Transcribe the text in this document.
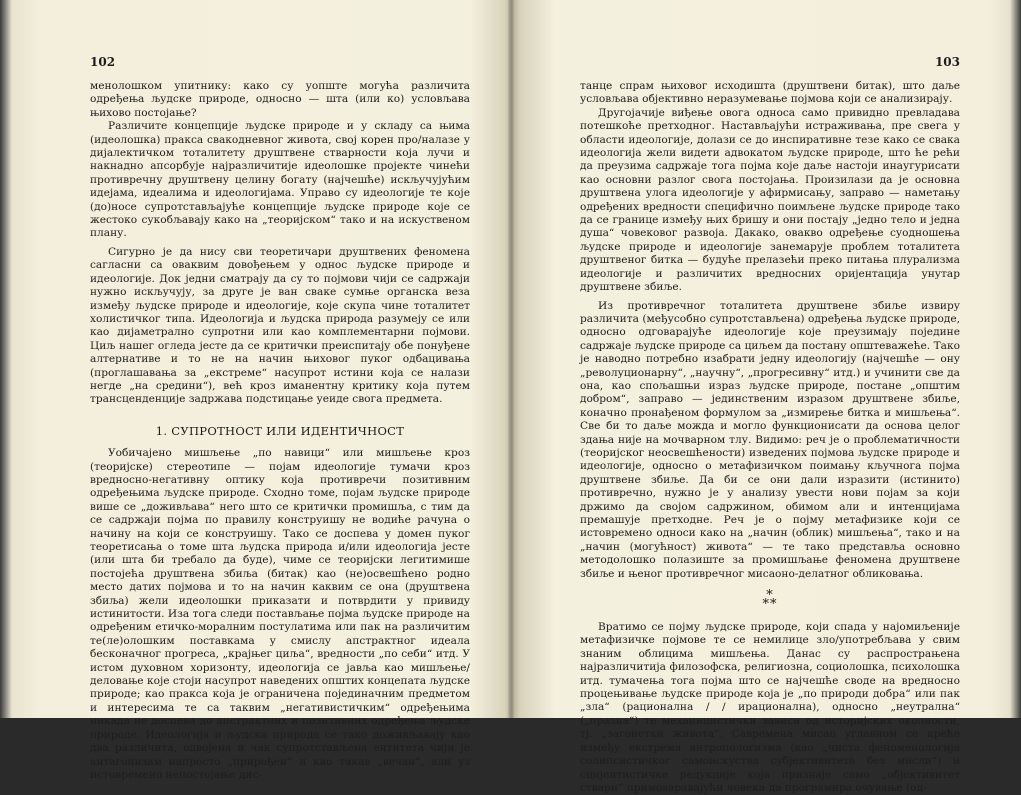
102

менолошком упитнику: како су уопште могућа различита одређења људске природе, односно — шта (или ко) условљава њихово постојање?

Различите концепције људске природе и у складу са њима (идеолошка) пракса свакодневног живота, свој корен про/налазе у дијалектичком тоталитету друштвене стварности која лучи и накнадно апсорбује најразличитије идеолошке пројекте чинећи противречну друштвену целину богату (најчешће) искључујућим идејама, идеалима и идеологијама. Управо су идеологије те које (до)носе супротстављајуће концепције људске природе које се жестоко сукобљавају како на „теоријском“ тако и на искуственом плану.

Сигурно је да нису сви теоретичари друштвених феномена сагласни са оваквим довођењем у однос људске природе и идеологије. Док једни сматрају да су то појмови чији се садржаји нужно искључују, за друге је ван сваке сумње органска веза између људске природе и идеологије, које скупа чине тоталитет холистичког типа. Идеологија и људска природа разумеју се или као дијаметрално супротни или као комплементарни појмови. Циљ нашег огледа јесте да се критички преиспитају обе понуђене алтернативе и то не на начин њиховог пуког одбацивања (проглашавања за „екстреме“ насупрот истини која се налази негде „на средини“), већ кроз иманентну критику која путем трансценденције задржава подстицање уеиде свога предмета.

1. СУПРОТНОСТ ИЛИ ИДЕНТИЧНОСТ

Уобичајено мишљење „по навици“ или мишљење кроз (теоријске) стереотипе — појам идеологије тумачи кроз вредносно-негативну оптику која противречи позитивним одређењима људске природе. Сходно томе, појам људске природе више се „доживљава“ него што се критички промишља, с тим да се садржаји појма по правилу конструишу не водиће рачуна о начину на који се конструишу. Тако се доспева у домен пуког теоретисања о томе шта људска природа и/или идеологија јесте (или шта би требало да буде), чиме се теоријски легитимише постојећа друштвена збиља (битак) као (не)освешћено родно место датих појмова и то на начин каквим се она (друштвена збиља) жели идеолошки приказати и потврдити у привиду истинитости. Иза тога следи постављање појма људске природе на одређеним етичко-моралним постулатима или пак на различитим те(ле)олошким поставкама у смислу апстрактног идеала бесконачног прогреса, „крајњег циља“, вредности „по себи“ итд. У истом духовном хоризонту, идеологија се јавља као мишљење/деловање које стоји насупрот наведених општих концепата људске природе; као пракса која је ограничена појединачним предметом и интересима те са таквим „негативистичким“ одређењима никада не доспева до апстрактних и позитивних одређења људске природе. Идеологија и људска природа се тако доживљавају као два различита, одвојена и чак супротстављена ентитета чији је антагонизам напросто „прирођен“ и као такав „вечан“, али уз истовремено непостојање дис-

103

танце спрам њиховог исходишта (друштвени битак), што даље условљава објективно неразумевање појмова који се анализирају.

Другојачије виђење овога односа само привидно превладава потешкоће претходног. Настављајући истраживања, пре свега у области идеологије, долази се до инспиративне тезе како се свака идеологија жели видети адвокатом људске природе, што ће рећи да преузима садржаје тога појма које даље настоји инаугурисати као основни разлог свога постојања. Произилази да је основна друштвена улога идеологије у афирмисању, заправо — наметању одређених вредности специфично поимљене људске природе тако да се границе између њих бришу и они постају „једно тело и једна душа“ човековог развоја. Дакако, овакво одређење суодношења људске природе и идеологије занемарује проблем тоталитета друштвеног битка — будуће прелазећи преко питања плурализма идеологије и различитих вредносних оријентација унутар друштвене збиље.

Из противречног тоталитета друштвене збиље извиру различита (међусобно супротстављена) одређења људске природе, односно одговарајуће идеологије које преузимају поједине садржаје људске природе са циљем да постану општеважеће. Тако је наводно потребно изабрати једну идеологију (најчешће — ону „револуционарну“, „научну“, „прогресивну“ итд.) и учинити све да она, као спољашњи израз људске природе, постане „општим добром“, заправо — јединственим изразом друштвене збиље, коначно пронађеном формулом за „измирење битка и мишљења“. Све би то даље можда и могло функционисати да основа целог здања није на мочварном тлу. Видимо: реч је о проблематичности (теоријског неосвешћености) изведених појмова људске природе и идеологије, односно о метафизичком поимању кључнога појма друштвене збиље. Да би се они дали изразити (истинито) противречно, нужно је у анализу увести нови појам за који држимо да својом садржином, обимом али и интенцијама премашује претходне. Реч је о појму метафизике који се истовремено односи како на „начин (облик) мишљења“, тако и на „начин (могућност) живота“ — те тако представља основно методолошко полазиште за промишљање феномена друштвене збиље и њеног противречног мисаоно-делатног обликовања.

*
**

Вратимо се појму људске природе, који спада у најомиљеније метафизичке појмове те се немилице зло/употребљава у свим знаним облицима мишљења. Данас су распрострањена најразличитија филозофска, религиозна, социолошка, психолошка итд. тумачења тога појма што се најчешће своде на вредносно процењивање људске природе која је „по природи добра“ или пак „зла“ (рационална / / ирационална), односно „неутрална“ („празна“) те механицистички зависи од историјских околности, тј. „загонетки живота“. Савремена мисао углавном се креће између екстрема антропологизма (као „чиста феноменологија солипсистичког самоискуства субјективитета без мисли“) и сцијентистичке редукције која признаје само „објективитет ствари“ примоваравајући човека да програмира очување (од-
